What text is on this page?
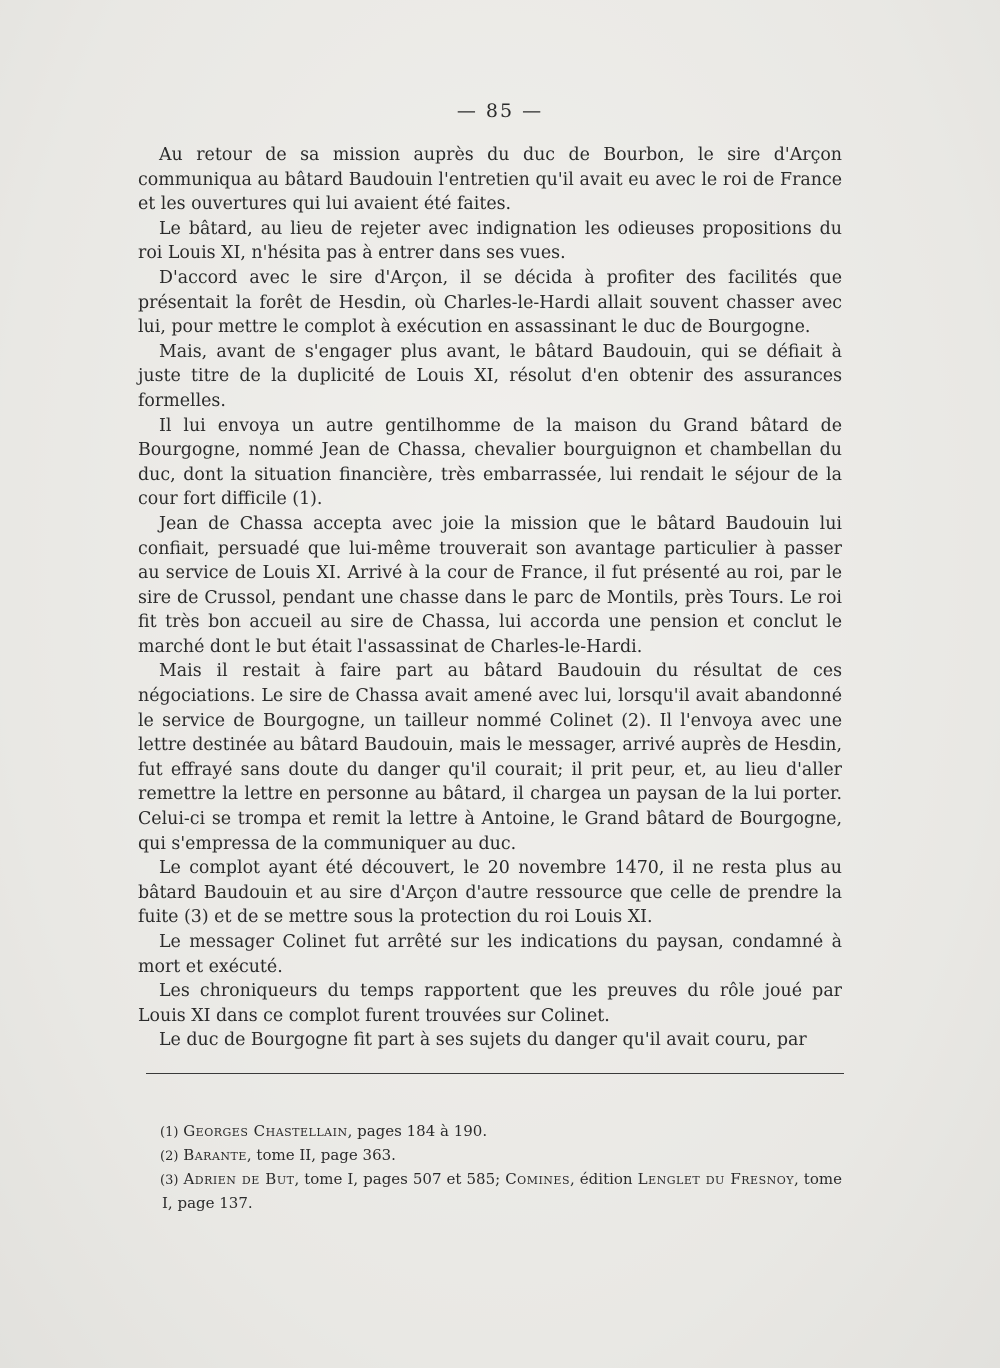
— 85 —

Au retour de sa mission auprès du duc de Bourbon, le sire d'Arçon communiqua au bâtard Baudouin l'entretien qu'il avait eu avec le roi de France et les ouvertures qui lui avaient été faites.

Le bâtard, au lieu de rejeter avec indignation les odieuses propositions du roi Louis XI, n'hésita pas à entrer dans ses vues.

D'accord avec le sire d'Arçon, il se décida à profiter des facilités que présentait la forêt de Hesdin, où Charles-le-Hardi allait souvent chasser avec lui, pour mettre le complot à exécution en assassinant le duc de Bourgogne.

Mais, avant de s'engager plus avant, le bâtard Baudouin, qui se défiait à juste titre de la duplicité de Louis XI, résolut d'en obtenir des assurances formelles.

Il lui envoya un autre gentilhomme de la maison du Grand bâtard de Bourgogne, nommé Jean de Chassa, chevalier bourguignon et chambellan du duc, dont la situation financière, très embarrassée, lui rendait le séjour de la cour fort difficile (1).

Jean de Chassa accepta avec joie la mission que le bâtard Baudouin lui confiait, persuadé que lui-même trouverait son avantage particulier à passer au service de Louis XI. Arrivé à la cour de France, il fut présenté au roi, par le sire de Crussol, pendant une chasse dans le parc de Montils, près Tours. Le roi fit très bon accueil au sire de Chassa, lui accorda une pension et conclut le marché dont le but était l'assassinat de Charles-le-Hardi.

Mais il restait à faire part au bâtard Baudouin du résultat de ces négociations. Le sire de Chassa avait amené avec lui, lorsqu'il avait abandonné le service de Bourgogne, un tailleur nommé Colinet (2). Il l'envoya avec une lettre destinée au bâtard Baudouin, mais le messager, arrivé auprès de Hesdin, fut effrayé sans doute du danger qu'il courait; il prit peur, et, au lieu d'aller remettre la lettre en personne au bâtard, il chargea un paysan de la lui porter. Celui-ci se trompa et remit la lettre à Antoine, le Grand bâtard de Bourgogne, qui s'empressa de la communiquer au duc.

Le complot ayant été découvert, le 20 novembre 1470, il ne resta plus au bâtard Baudouin et au sire d'Arçon d'autre ressource que celle de prendre la fuite (3) et de se mettre sous la protection du roi Louis XI.

Le messager Colinet fut arrêté sur les indications du paysan, condamné à mort et exécuté.

Les chroniqueurs du temps rapportent que les preuves du rôle joué par Louis XI dans ce complot furent trouvées sur Colinet.

Le duc de Bourgogne fit part à ses sujets du danger qu'il avait couru, par

(1) Georges Chastellain, pages 184 à 190.

(2) Barante, tome II, page 363.

(3) Adrien de But, tome I, pages 507 et 585; Comines, édition Lenglet du Fresnoy, tome I, page 137.
